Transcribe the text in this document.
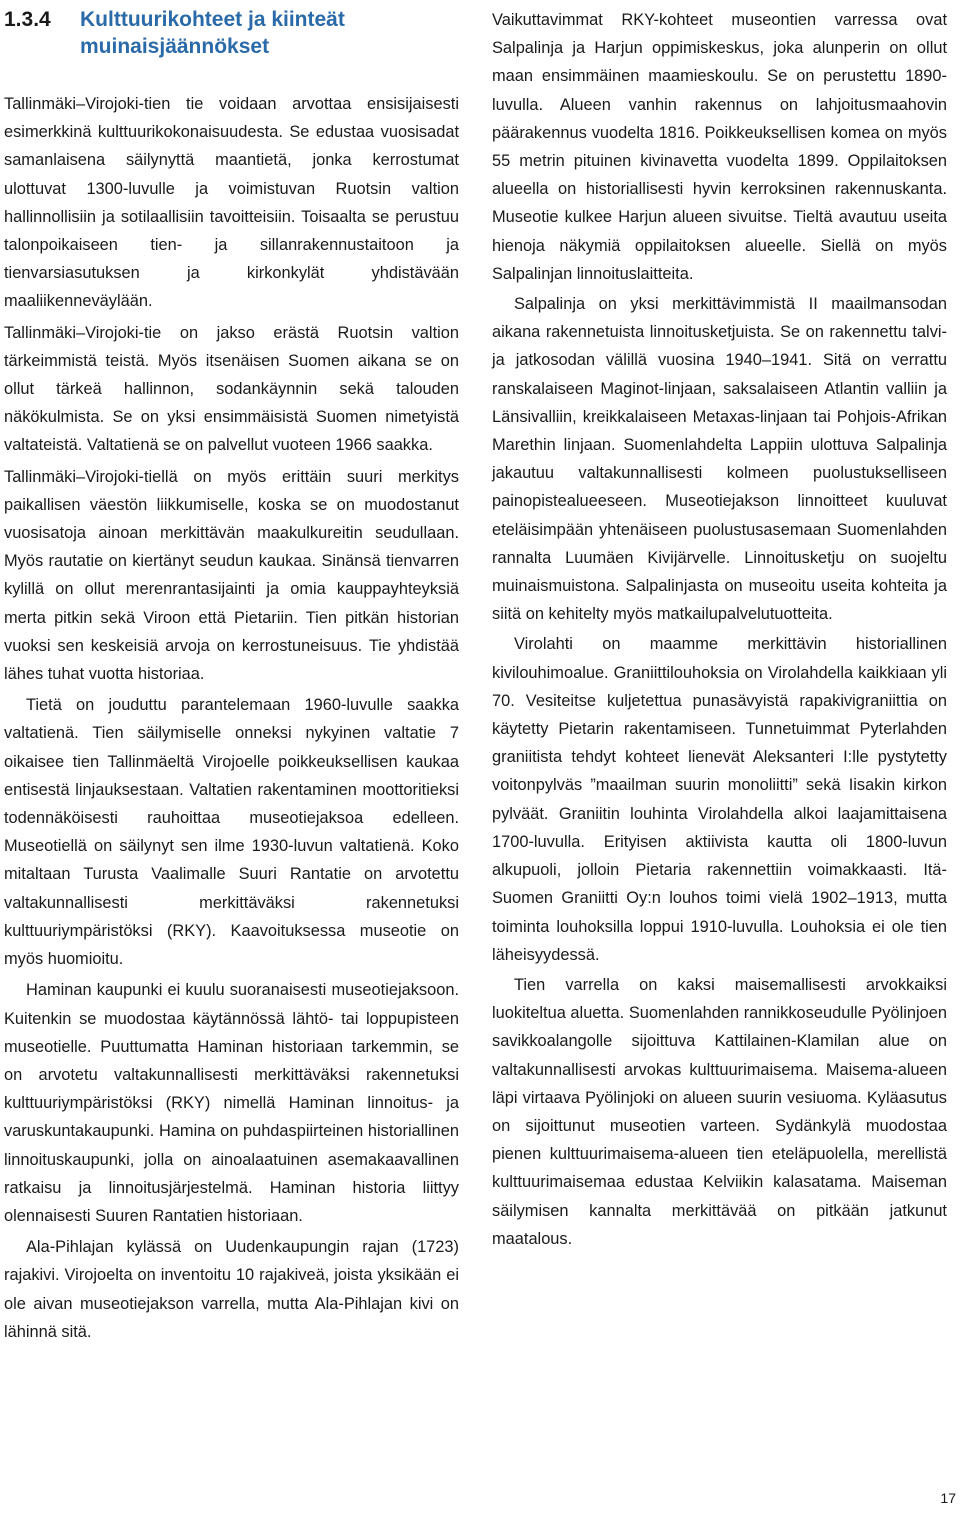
1.3.4	Kulttuurikohteet ja kiinteät muinaisjäännökset

Tallinmäki–Virojoki-tien tie voidaan arvottaa ensisijaisesti esimerkkinä kulttuurikokonaisuudesta. Se edustaa vuosisadat samanlaisena säilynyttä maantietä, jonka kerrostumat ulottuvat 1300-luvulle ja voimistuvan Ruotsin valtion hallinnollisiin ja sotilaallisiin tavoitteisiin. Toisaalta se perustuu talonpoikaiseen tien- ja sillanrakennustaitoon ja tienvarsiasutuksen ja kirkonkylät yhdistävään maaliikenneväylään.

Tallinmäki–Virojoki-tie on jakso erästä Ruotsin valtion tärkeimmistä teistä. Myös itsenäisen Suomen aikana se on ollut tärkeä hallinnon, sodankäynnin sekä talouden näkökulmista. Se on yksi ensimmäisistä Suomen nimetyistä valtateistä. Valtatienä se on palvellut vuoteen 1966 saakka.

Tallinmäki–Virojoki-tiellä on myös erittäin suuri merkitys paikallisen väestön liikkumiselle, koska se on muodostanut vuosisatoja ainoan merkittävän maakulkureitin seudullaan. Myös rautatie on kiertänyt seudun kaukaa. Sinänsä tienvarren kylillä on ollut merenrantasijainti ja omia kauppayhteyksiä merta pitkin sekä Viroon että Pietariin. Tien pitkän historian vuoksi sen keskeisiä arvoja on kerrostuneisuus. Tie yhdistää lähes tuhat vuotta historiaa.

Tietä on jouduttu parantelemaan 1960-luvulle saakka valtatienä. Tien säilymiselle onneksi nykyinen valtatie 7 oikaisee tien Tallinmäeltä Virojoelle poikkeuksellisen kaukaa entisestä linjauksestaan. Valtatien rakentaminen moottoritieksi todennäköisesti rauhoittaa museotiejaksoa edelleen. Museotiellä on säilynyt sen ilme 1930-luvun valtatienä. Koko mitaltaan Turusta Vaalimalle Suuri Rantatie on arvotettu valtakunnallisesti merkittäväksi rakennetuksi kulttuuriympäristöksi (RKY). Kaavoituksessa museotie on myös huomioitu.

Haminan kaupunki ei kuulu suoranaisesti museotiejaksoon. Kuitenkin se muodostaa käytännössä lähtö- tai loppupisteen museotielle. Puuttumatta Haminan historiaan tarkemmin, se on arvotetu valtakunnallisesti merkittäväksi rakennetuksi kulttuuriympäristöksi (RKY) nimellä Haminan linnoitus- ja varuskuntakaupunki. Hamina on puhdaspiirteinen historiallinen linnoituskaupunki, jolla on ainoalaatuinen asemakaavallinen ratkaisu ja linnoitusjärjestelmä. Haminan historia liittyy olennaisesti Suuren Rantatien historiaan.

Ala-Pihlajan kylässä on Uudenkaupungin rajan (1723) rajakivi. Virojoelta on inventoitu 10 rajakiveä, joista yksikään ei ole aivan museotiejakson varrella, mutta Ala-Pihlajan kivi on lähinnä sitä.

Vaikuttavimmat RKY-kohteet museontien varressa ovat Salpalinja ja Harjun oppimiskeskus, joka alunperin on ollut maan ensimmäinen maamieskoulu. Se on perustettu 1890-luvulla. Alueen vanhin rakennus on lahjoitusmaahovin päärakennus vuodelta 1816. Poikkeuksellisen komea on myös 55 metrin pituinen kivinavetta vuodelta 1899. Oppilaitoksen alueella on historiallisesti hyvin kerroksinen rakennuskanta. Museotie kulkee Harjun alueen sivuitse. Tieltä avautuu useita hienoja näkymiä oppilaitoksen alueelle. Siellä on myös Salpalinjan linnoituslaitteita.

Salpalinja on yksi merkittävimmistä II maailmansodan aikana rakennetuista linnoitusketjuista. Se on rakennettu talvi- ja jatkosodan välillä vuosina 1940–1941. Sitä on verrattu ranskalaiseen Maginot-linjaan, saksalaiseen Atlantin valliin ja Länsivalliin, kreikkalaiseen Metaxas-linjaan tai Pohjois-Afrikan Marethin linjaan. Suomenlahdelta Lappiin ulottuva Salpalinja jakautuu valtakunnallisesti kolmeen puolustukselliseen painopistealueeseen. Museotiejakson linnoitteet kuuluvat eteläisimpään yhtenäiseen puolustusasemaan Suomenlahden rannalta Luumäen Kivijärvelle. Linnoitusketju on suojeltu muinaismuistona. Salpalinjasta on museoitu useita kohteita ja siitä on kehitelty myös matkailupalvelutuotteita.

Virolahti on maamme merkittävin historiallinen kivilouhimoalue. Graniittilouhoksia on Virolahdella kaikkiaan yli 70. Vesiteitse kuljetettua punasävyistä rapakivigraniittia on käytetty Pietarin rakentamiseen. Tunnetuimmat Pyterlahden graniitista tehdyt kohteet lienevät Aleksanteri I:lle pystytetty voitonpylväs ”maailman suurin monoliitti” sekä Iisakin kirkon pylväät. Graniitin louhinta Virolahdella alkoi laajamittaisena 1700-luvulla. Erityisen aktiivista kautta oli 1800-luvun alkupuoli, jolloin Pietaria rakennettiin voimakkaasti. Itä-Suomen Graniitti Oy:n louhos toimi vielä 1902–1913, mutta toiminta louhoksilla loppui 1910-luvulla. Louhoksia ei ole tien läheisyydessä.

Tien varrella on kaksi maisemallisesti arvokkaiksi luokiteltua aluetta. Suomenlahden rannikkoseudulle Pyölinjoen savikkoalangolle sijoittuva Kattilainen-Klamilan alue on valtakunnallisesti arvokas kulttuurimaisema. Maisema-alueen läpi virtaava Pyölinjoki on alueen suurin vesiuoma. Kyläasutus on sijoittunut museotien varteen. Sydänkylä muodostaa pienen kulttuurimaisema-alueen tien eteläpuolella, merellistä kulttuurimaisemaa edustaa Kelviikin kalasatama. Maiseman säilymisen kannalta merkittävää on pitkään jatkunut maatalous.

17
